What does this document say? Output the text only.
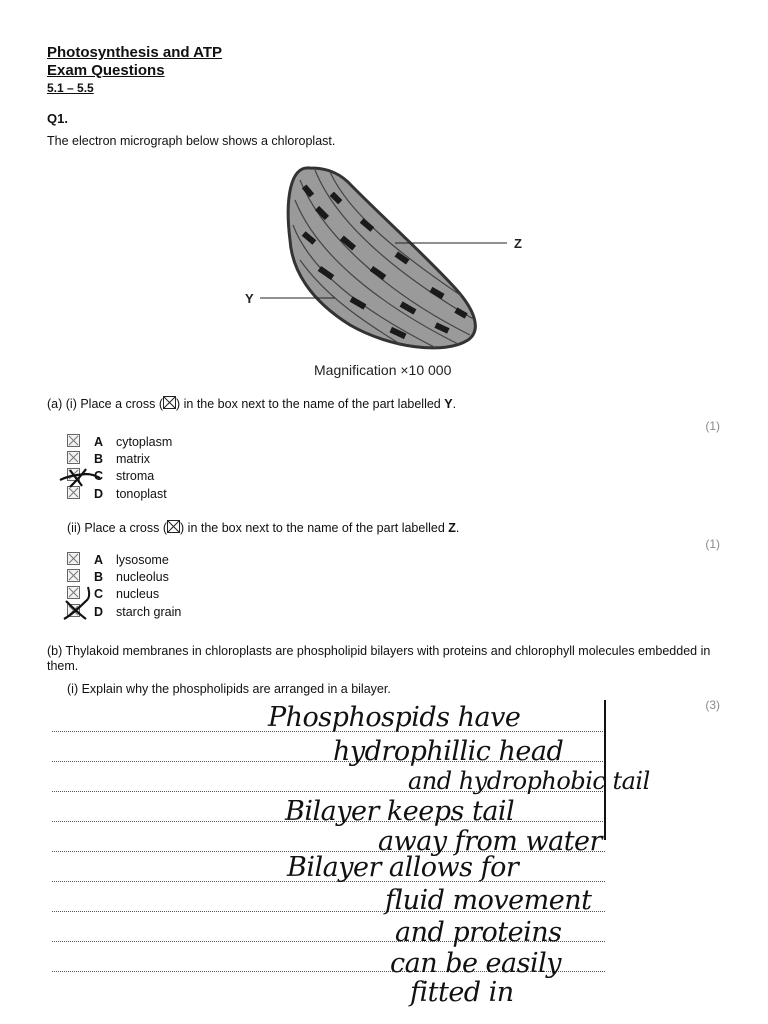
Photosynthesis and ATP
Exam Questions
5.1 – 5.5
Q1.
The electron micrograph below shows a chloroplast.
Z
Y
Magnification ×10 000
(a) (i) Place a cross (☒) in the box next to the name of the part labelled Y.
(1)
A cytoplasm
B matrix
C stroma
D tonoplast
(ii) Place a cross (☒) in the box next to the name of the part labelled Z.
(1)
A lysosome
B nucleolus
C nucleus
D starch grain
(b) Thylakoid membranes in chloroplasts are phospholipid bilayers with proteins and chlorophyll molecules embedded in them.
(i) Explain why the phospholipids are arranged in a bilayer.
(3)
Phosphospids have
hydrophillic head
and hydrophobic tail
Bilayer keeps tail
away from water
Bilayer allows for
fluid movement
and proteins
can be easily
fitted in
